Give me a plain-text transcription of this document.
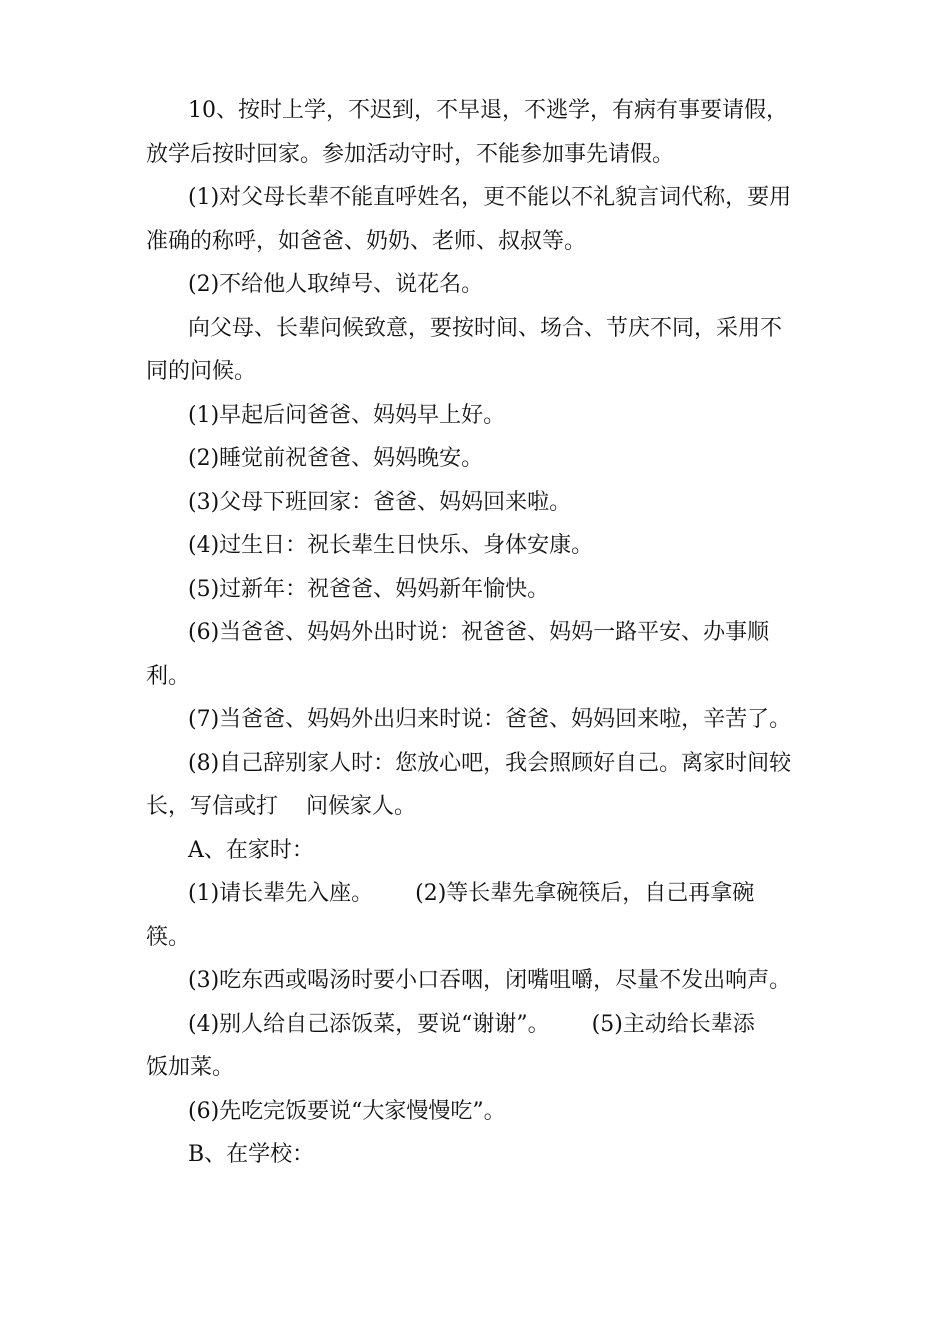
10、按时上学，不迟到，不早退，不逃学，有病有事要请假，
放学后按时回家。参加活动守时，不能参加事先请假。
(1)对父母长辈不能直呼姓名，更不能以不礼貌言词代称，要用
准确的称呼，如爸爸、奶奶、老师、叔叔等。
(2)不给他人取绰号、说花名。
向父母、长辈问候致意，要按时间、场合、节庆不同，采用不
同的问候。
(1)早起后问爸爸、妈妈早上好。
(2)睡觉前祝爸爸、妈妈晚安。
(3)父母下班回家：爸爸、妈妈回来啦。
(4)过生日：祝长辈生日快乐、身体安康。
(5)过新年：祝爸爸、妈妈新年愉快。
(6)当爸爸、妈妈外出时说：祝爸爸、妈妈一路平安、办事顺
利。
(7)当爸爸、妈妈外出归来时说：爸爸、妈妈回来啦，辛苦了。
(8)自己辞别家人时：您放心吧，我会照顾好自己。离家时间较
长，写信或打    问候家人。
A、在家时：
(1)请长辈先入座。      (2)等长辈先拿碗筷后，自己再拿碗
筷。
(3)吃东西或喝汤时要小口吞咽，闭嘴咀嚼，尽量不发出响声。
(4)别人给自己添饭菜，要说“谢谢”。      (5)主动给长辈添
饭加菜。
(6)先吃完饭要说“大家慢慢吃”。
B、在学校：
